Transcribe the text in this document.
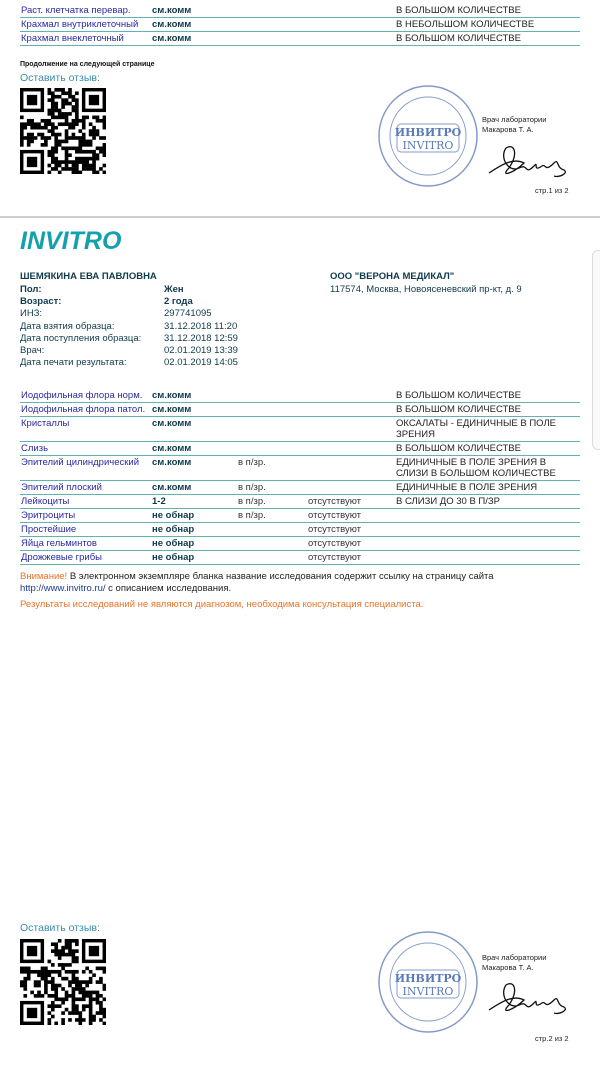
Раст. клетчатка перевар.	см.комм	В БОЛЬШОМ КОЛИЧЕСТВЕ
Крахмал внутриклеточный	см.комм	В НЕБОЛЬШОМ КОЛИЧЕСТВЕ
Крахмал внеклеточный	см.комм	В БОЛЬШОМ КОЛИЧЕСТВЕ
Продолжение на следующей странице
Оставить отзыв:
ИНВИТРО
INVITRO
Врач лаборатории
Макарова Т. А.
стр.1 из 2
INVITRO
ШЕМЯКИНА ЕВА ПАВЛОВНА
Пол:	Жен
Возраст:	2 года
ИНЗ:	297741095
Дата взятия образца:	31.12.2018 11:20
Дата поступления образца: 31.12.2018 12:59
Врач:	02.01.2019 13:39
Дата печати результата:	02.01.2019 14:05
ООО "ВЕРОНА МЕДИКАЛ"
117574, Москва, Новоясеневский пр-кт, д. 9
Иодофильная флора норм.	см.комм	В БОЛЬШОМ КОЛИЧЕСТВЕ
Иодофильная флора патол. см.комм	В БОЛЬШОМ КОЛИЧЕСТВЕ
Кристаллы	см.комм	ОКСАЛАТЫ - ЕДИНИЧНЫЕ В ПОЛЕ ЗРЕНИЯ
Слизь	см.комм	В БОЛЬШОМ КОЛИЧЕСТВЕ
Эпителий цилиндрический	см.комм	в п/зр.	ЕДИНИЧНЫЕ В ПОЛЕ ЗРЕНИЯ В СЛИЗИ В БОЛЬШОМ КОЛИЧЕСТВЕ
Эпителий плоский	см.комм	в п/зр.	ЕДИНИЧНЫЕ В ПОЛЕ ЗРЕНИЯ
Лейкоциты	1-2	в п/зр.	отсутствуют	В СЛИЗИ ДО 30 В П/ЗР
Эритроциты	не обнар	в п/зр.	отсутствуют
Простейшие	не обнар	отсутствуют
Яйца гельминтов	не обнар	отсутствуют
Дрожжевые грибы	не обнар	отсутствуют
Внимание! В электронном экземпляре бланка название исследования содержит ссылку на страницу сайта
http://www.invitro.ru/ с описанием исследования.
Результаты исследований не являются диагнозом, необходима консультация специалиста.
Оставить отзыв:
ИНВИТРО
INVITRO
Врач лаборатории
Макарова Т. А.
стр.2 из 2
